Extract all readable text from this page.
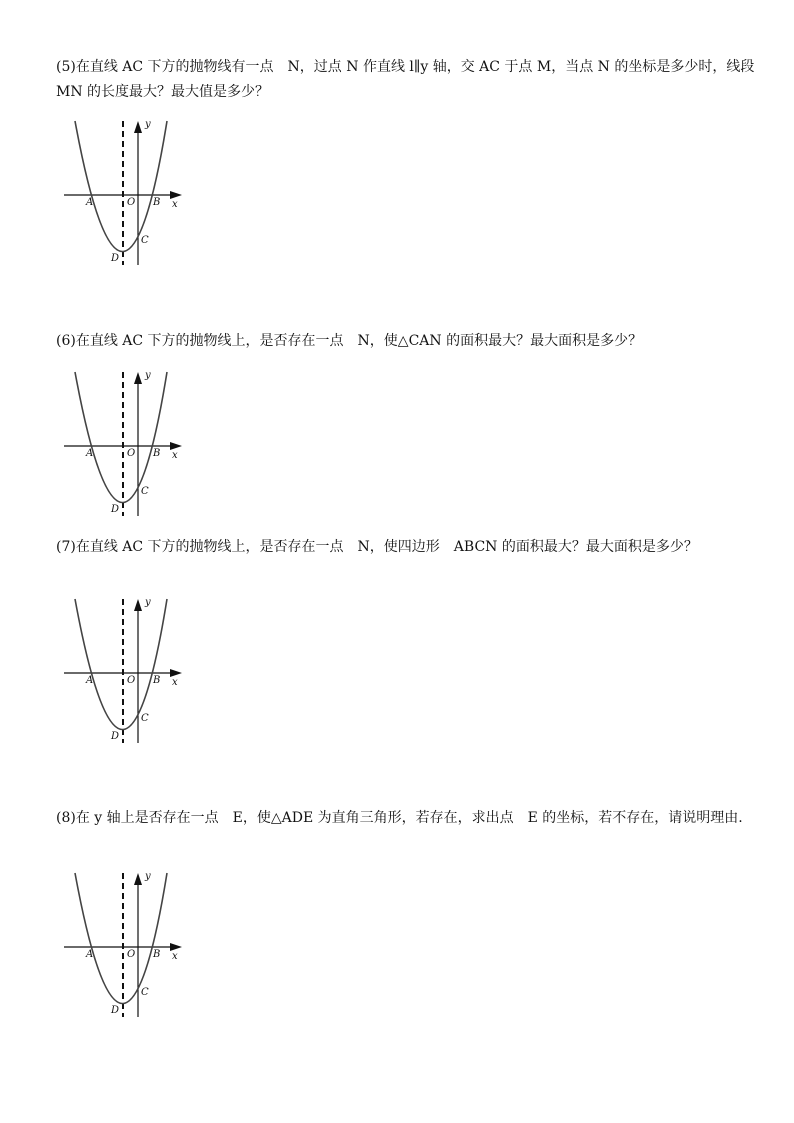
(5)在直线 AC 下方的抛物线有一点　N，过点 N 作直线 l∥y 轴，交 AC 于点 M，当点 N 的坐标是多少时，线段　MN 的长度最大？最大值是多少？

y
x
A	O B
C
D

(6)在直线 AC 下方的抛物线上，是否存在一点　N，使△CAN 的面积最大？最大面积是多少？

y
x
A	O B
C
D

(7)在直线 AC 下方的抛物线上，是否存在一点　N，使四边形　ABCN 的面积最大？最大面积是多少？

y
x
A	O B
C
D

(8)在 y 轴上是否存在一点　E，使△ADE 为直角三角形，若存在，求出点　E 的坐标，若不存在，请说明理由.

y
x
A	O B
C
D
